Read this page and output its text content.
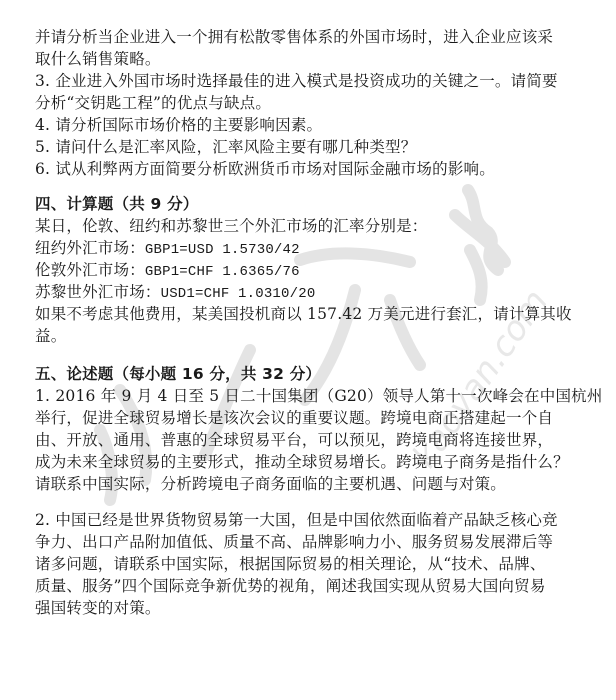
kaoyan.com
并请分析当企业进入一个拥有松散零售体系的外国市场时，进入企业应该采
取什么销售策略。
3. 企业进入外国市场时选择最佳的进入模式是投资成功的关键之一。请简要
分析“交钥匙工程”的优点与缺点。
4. 请分析国际市场价格的主要影响因素。
5. 请问什么是汇率风险，汇率风险主要有哪几种类型？
6. 试从利弊两方面简要分析欧洲货币市场对国际金融市场的影响。
四、计算题（共 9 分）
某日，伦敦、纽约和苏黎世三个外汇市场的汇率分别是：
纽约外汇市场：GBP1=USD 1.5730/42
伦敦外汇市场：GBP1=CHF 1.6365/76
苏黎世外汇市场：USD1=CHF 1.0310/20
如果不考虑其他费用，某美国投机商以 157.42 万美元进行套汇，请计算其收
益。
五、论述题（每小题 16 分，共 32 分）
1. 2016 年 9 月 4 日至 5 日二十国集团（G20）领导人第十一次峰会在中国杭州
举行，促进全球贸易增长是该次会议的重要议题。跨境电商正搭建起一个自
由、开放、通用、普惠的全球贸易平台，可以预见，跨境电商将连接世界，
成为未来全球贸易的主要形式，推动全球贸易增长。跨境电子商务是指什么？
请联系中国实际，分析跨境电子商务面临的主要机遇、问题与对策。
2. 中国已经是世界货物贸易第一大国，但是中国依然面临着产品缺乏核心竞
争力、出口产品附加值低、质量不高、品牌影响力小、服务贸易发展滞后等
诸多问题，请联系中国实际，根据国际贸易的相关理论，从“技术、品牌、
质量、服务”四个国际竞争新优势的视角，阐述我国实现从贸易大国向贸易
强国转变的对策。
